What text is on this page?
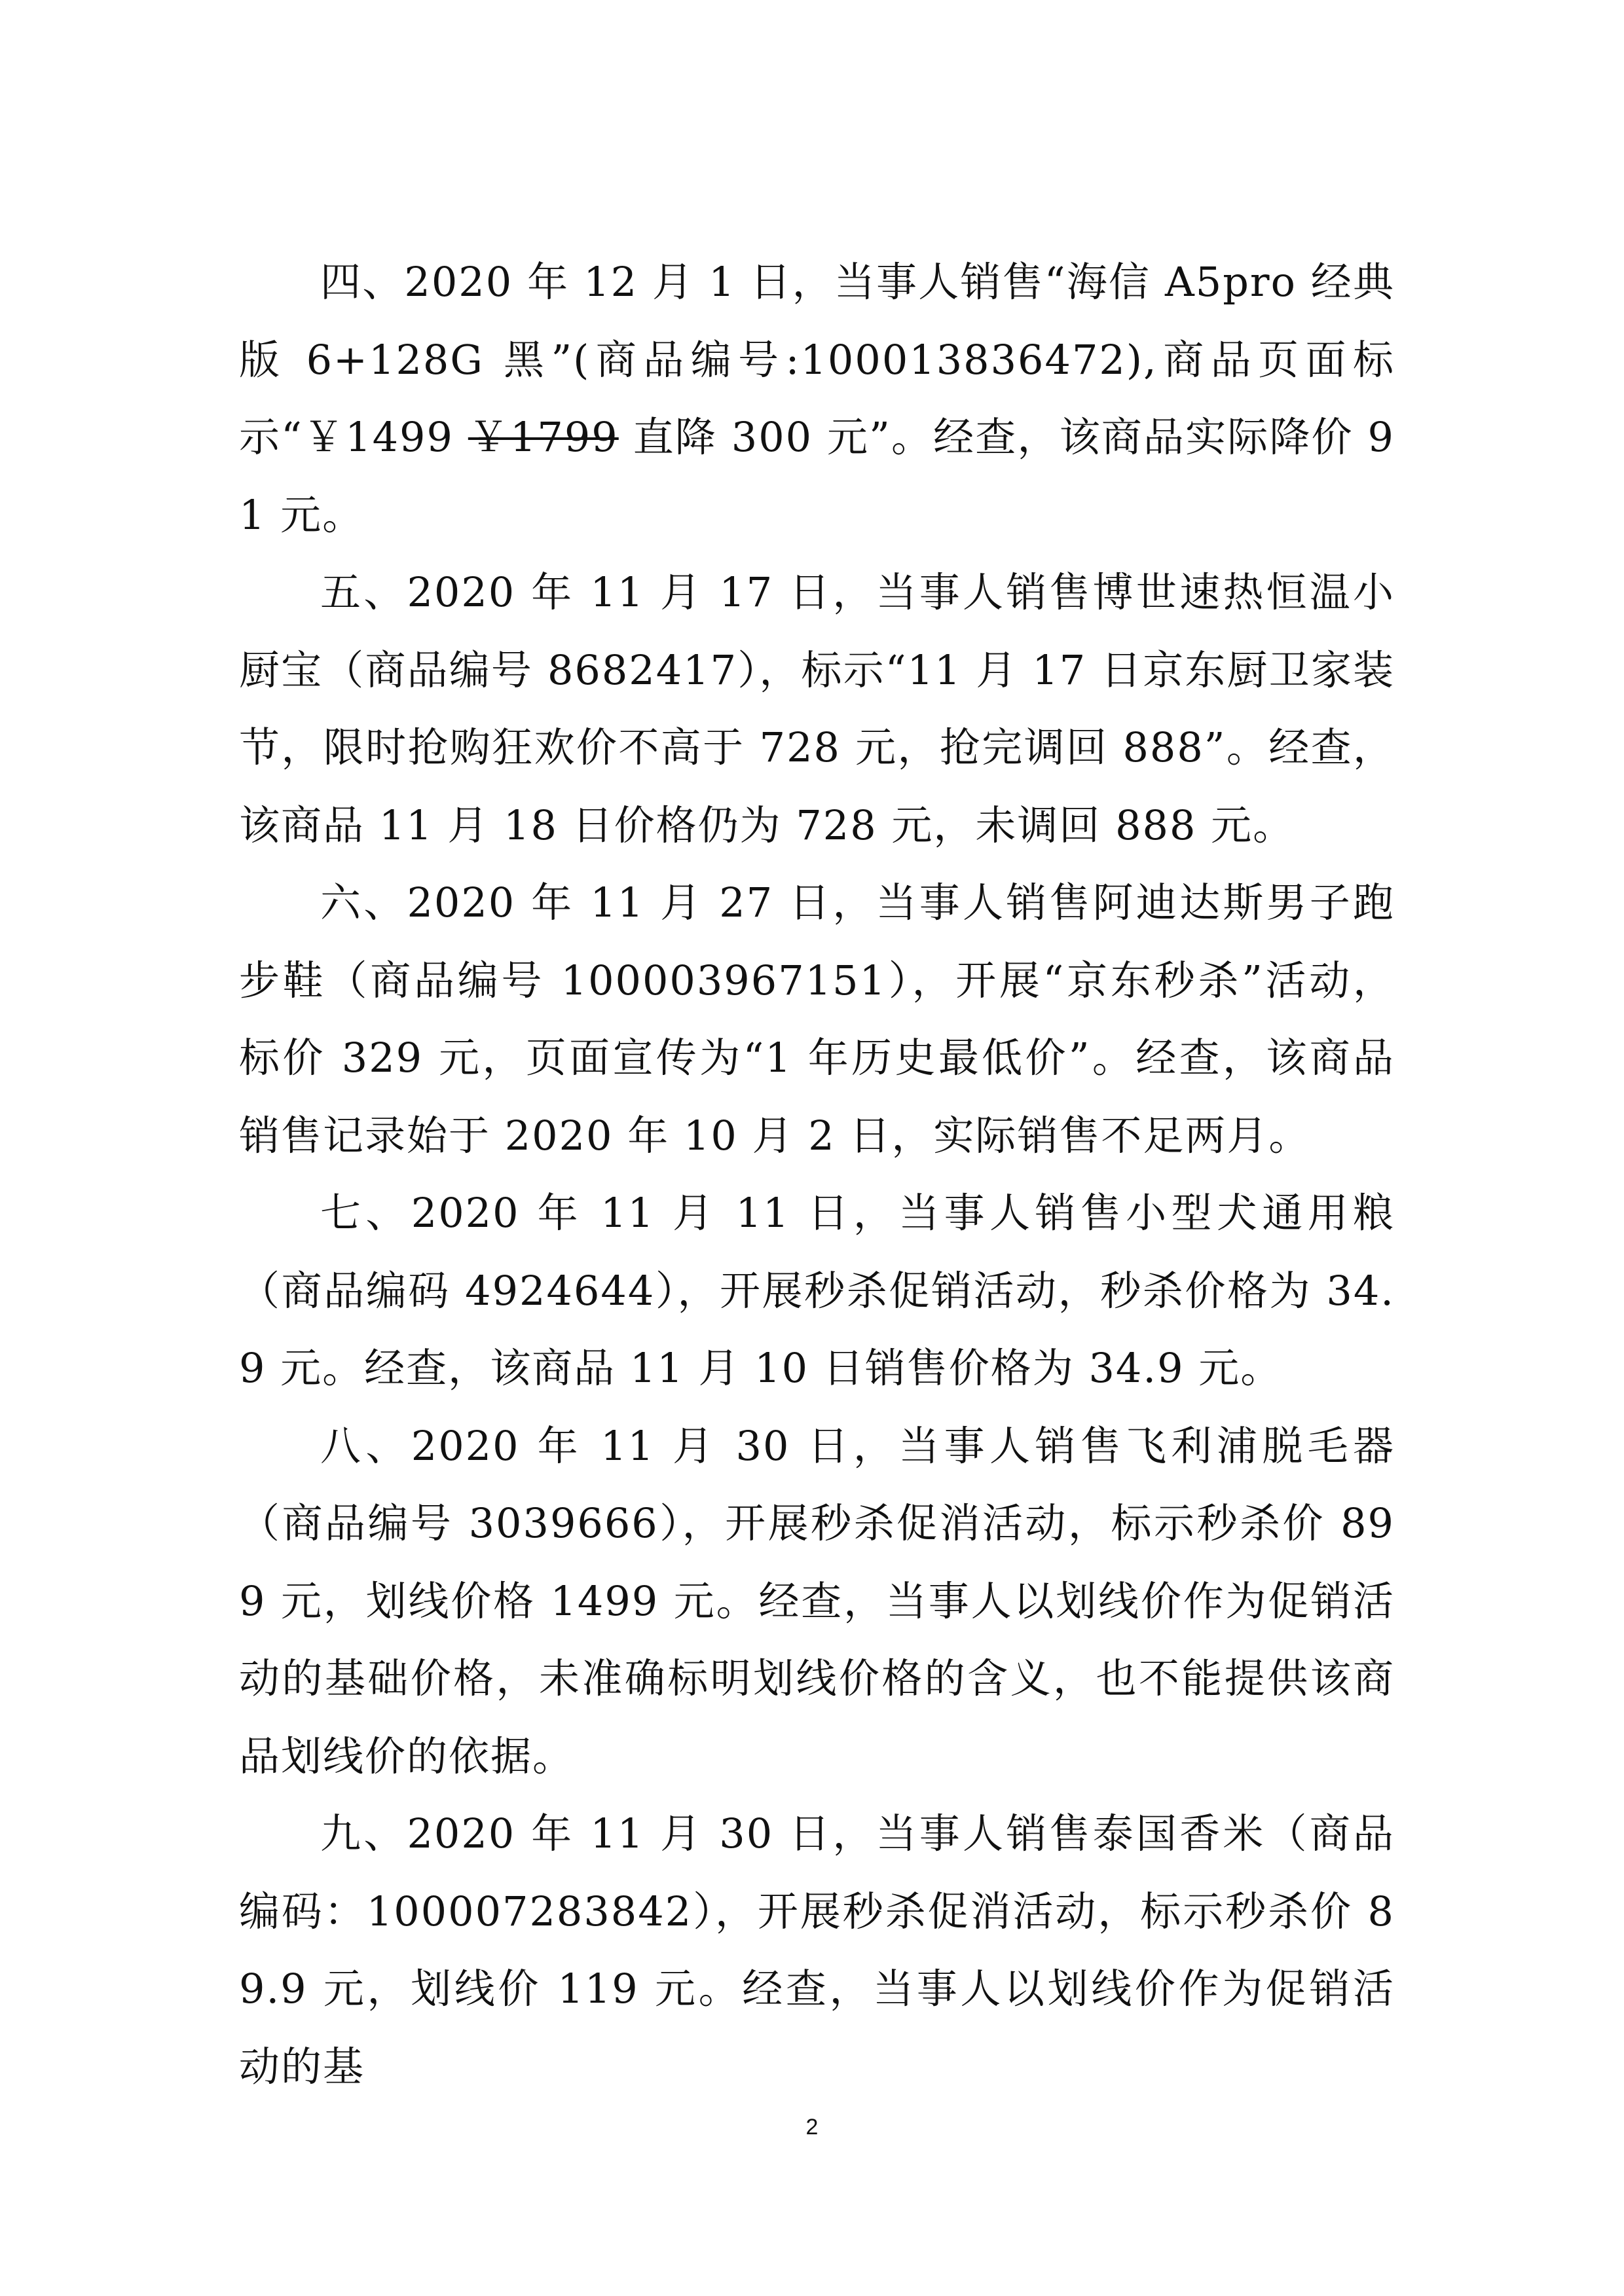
四、2020 年 12 月 1 日，当事人销售“海信 A5pro 经典版 6+128G 黑”(商品编号:100013836472),商品页面标示“￥1499 ￥1799 直降 300 元”。经查，该商品实际降价 91 元。

五、2020 年 11 月 17 日，当事人销售博世速热恒温小厨宝（商品编号 8682417），标示“11 月 17 日京东厨卫家装节，限时抢购狂欢价不高于 728 元，抢完调回 888”。经查，该商品 11 月 18 日价格仍为 728 元，未调回 888 元。

六、2020 年 11 月 27 日，当事人销售阿迪达斯男子跑步鞋（商品编号 100003967151），开展“京东秒杀”活动，标价 329 元，页面宣传为“1 年历史最低价”。经查，该商品销售记录始于 2020 年 10 月 2 日，实际销售不足两月。

七、2020 年 11 月 11 日，当事人销售小型犬通用粮（商品编码 4924644），开展秒杀促销活动，秒杀价格为 34.9 元。经查，该商品 11 月 10 日销售价格为 34.9 元。

八、2020 年 11 月 30 日，当事人销售飞利浦脱毛器（商品编号 3039666），开展秒杀促消活动，标示秒杀价 899 元，划线价格 1499 元。经查，当事人以划线价作为促销活动的基础价格，未准确标明划线价格的含义，也不能提供该商品划线价的依据。

九、2020 年 11 月 30 日，当事人销售泰国香米（商品编码：100007283842），开展秒杀促消活动，标示秒杀价 89.9 元，划线价 119 元。经查，当事人以划线价作为促销活动的基

2
